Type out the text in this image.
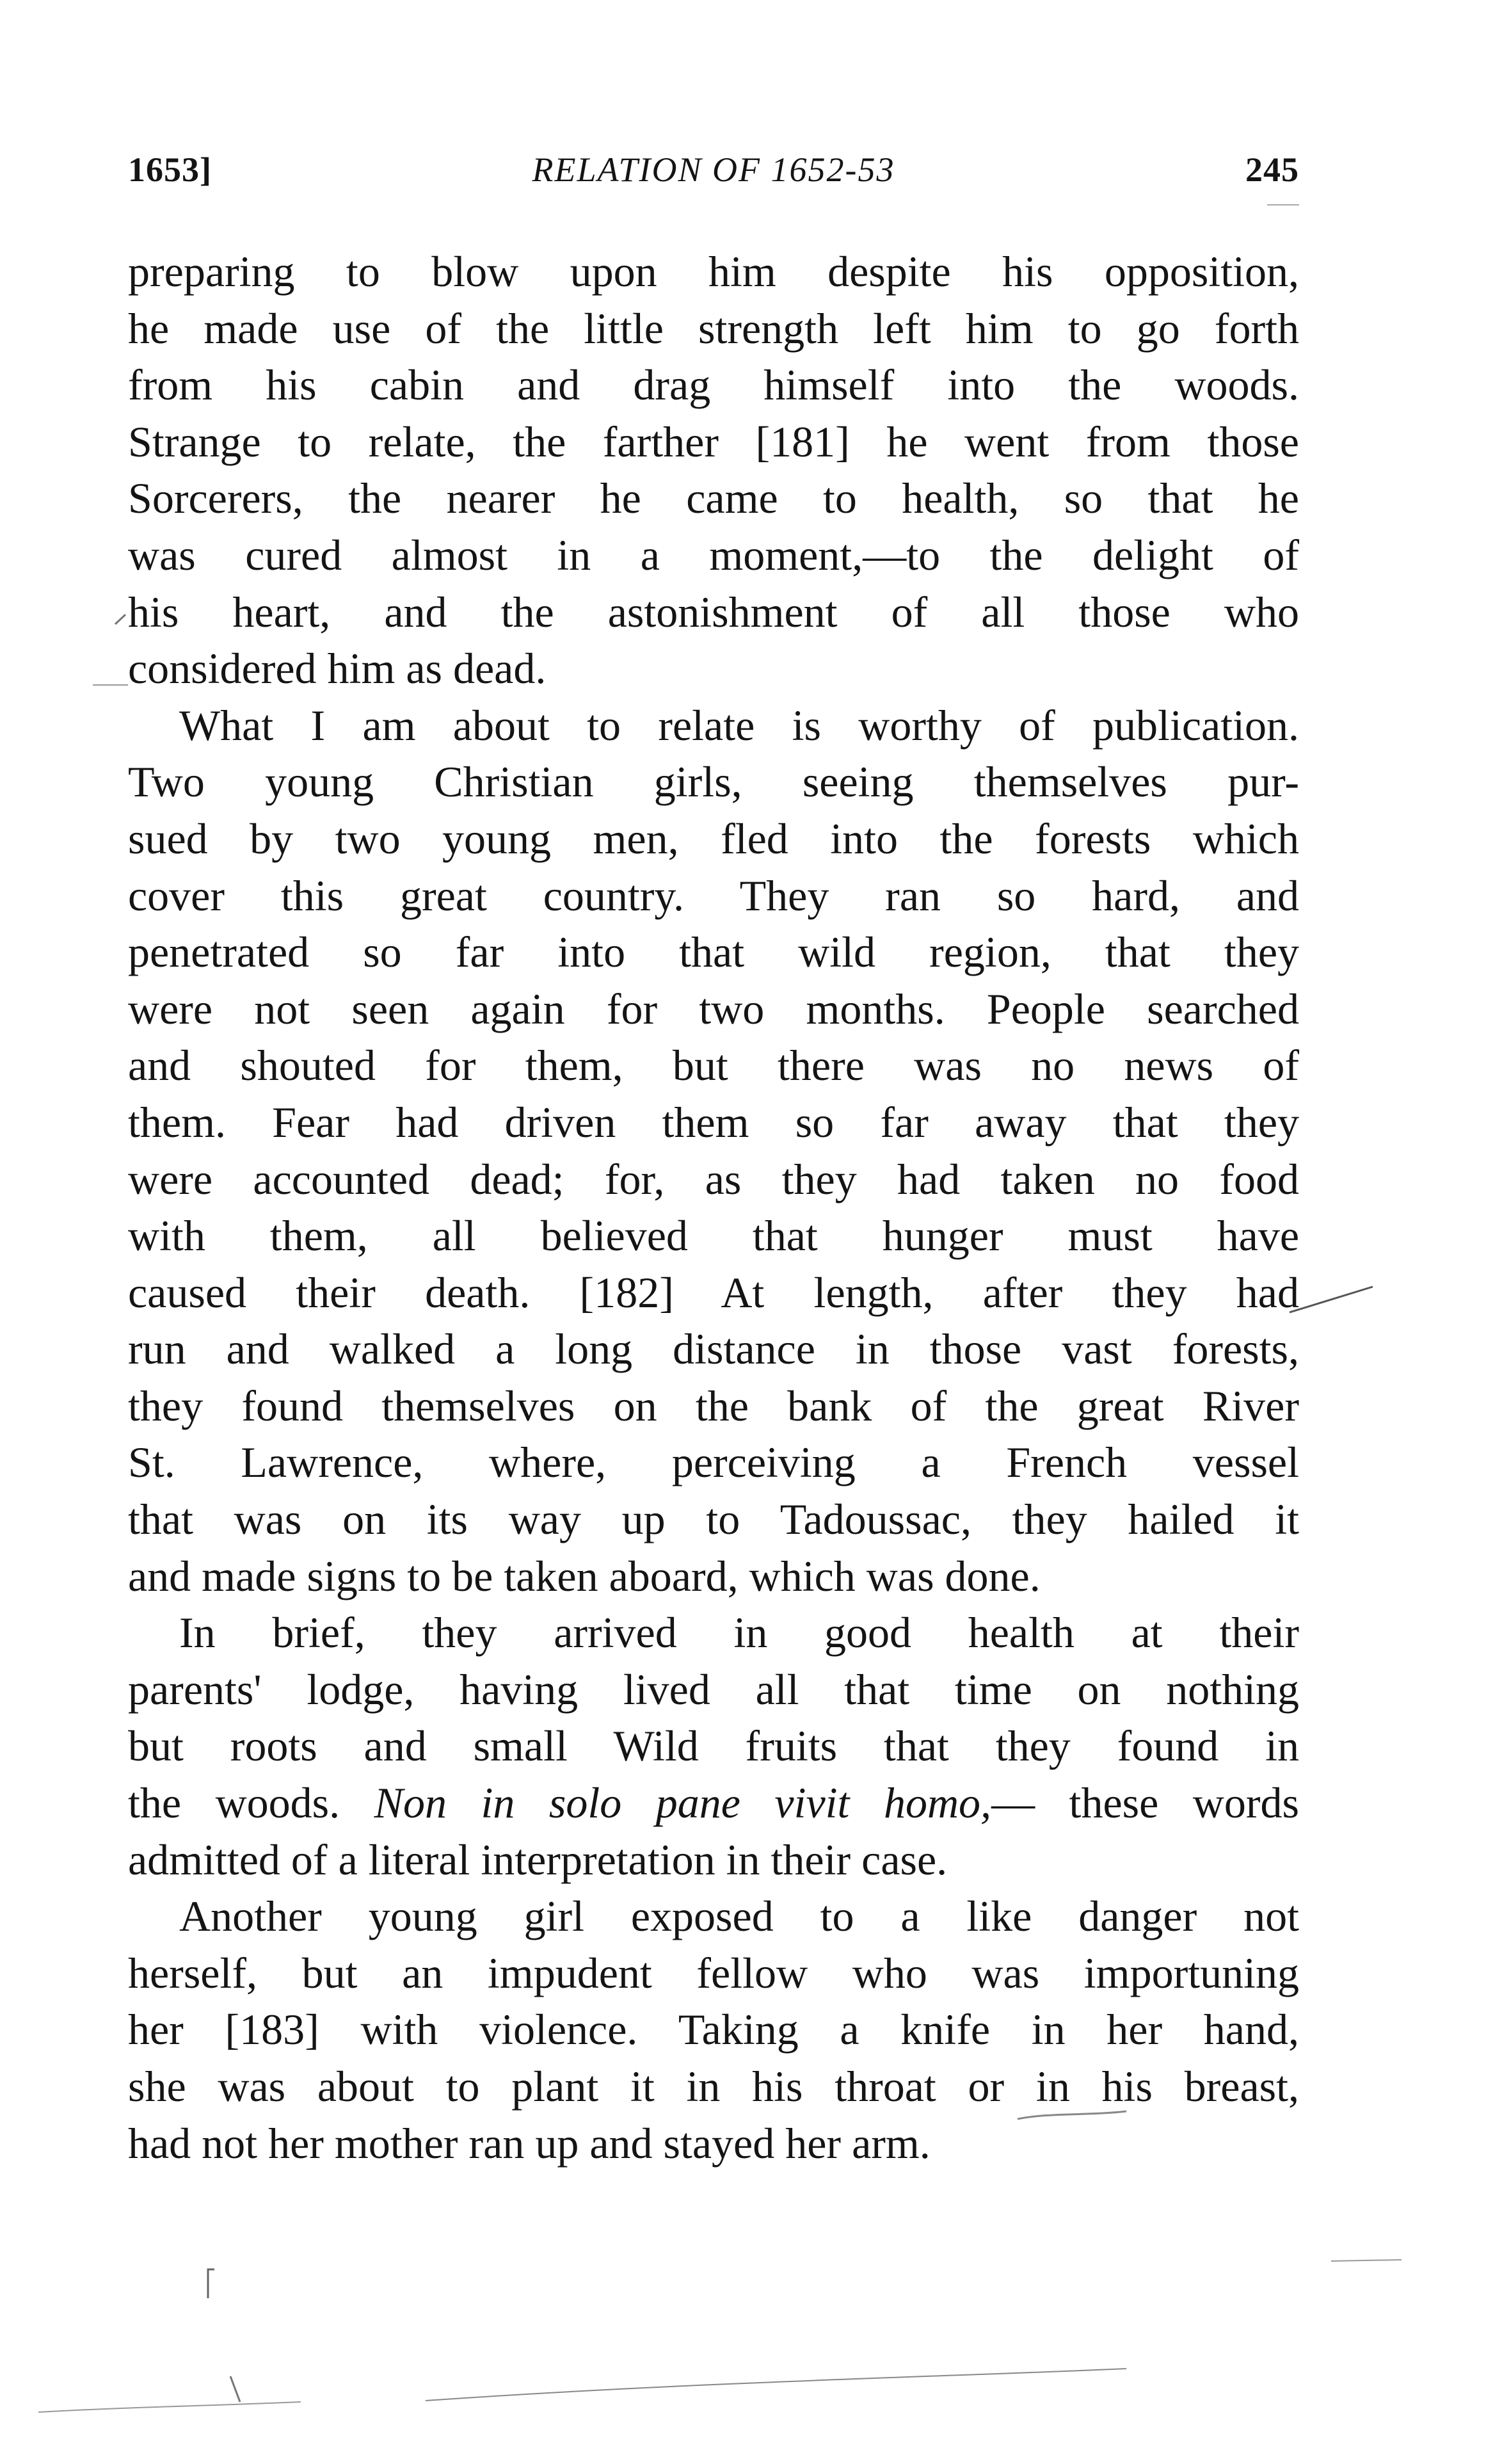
1653]	RELATION OF 1652-53	245

preparing to blow upon him despite his opposition,
he made use of the little strength left him to go forth
from his cabin and drag himself into the woods.
Strange to relate, the farther [181] he went from those
Sorcerers, the nearer he came to health, so that he
was cured almost in a moment,—to the delight of
his heart, and the astonishment of all those who
considered him as dead.

What I am about to relate is worthy of publication.
Two young Christian girls, seeing themselves pur-
sued by two young men, fled into the forests which
cover this great country. They ran so hard, and
penetrated so far into that wild region, that they
were not seen again for two months. People searched
and shouted for them, but there was no news of
them. Fear had driven them so far away that they
were accounted dead; for, as they had taken no food
with them, all believed that hunger must have
caused their death. [182] At length, after they had
run and walked a long distance in those vast forests,
they found themselves on the bank of the great River
St. Lawrence, where, perceiving a French vessel
that was on its way up to Tadoussac, they hailed it
and made signs to be taken aboard, which was done.

In brief, they arrived in good health at their
parents' lodge, having lived all that time on nothing
but roots and small Wild fruits that they found in
the woods. Non in solo pane vivit homo,— these words
admitted of a literal interpretation in their case.

Another young girl exposed to a like danger not
herself, but an impudent fellow who was importuning
her [183] with violence. Taking a knife in her hand,
she was about to plant it in his throat or in his breast,
had not her mother ran up and stayed her arm.
